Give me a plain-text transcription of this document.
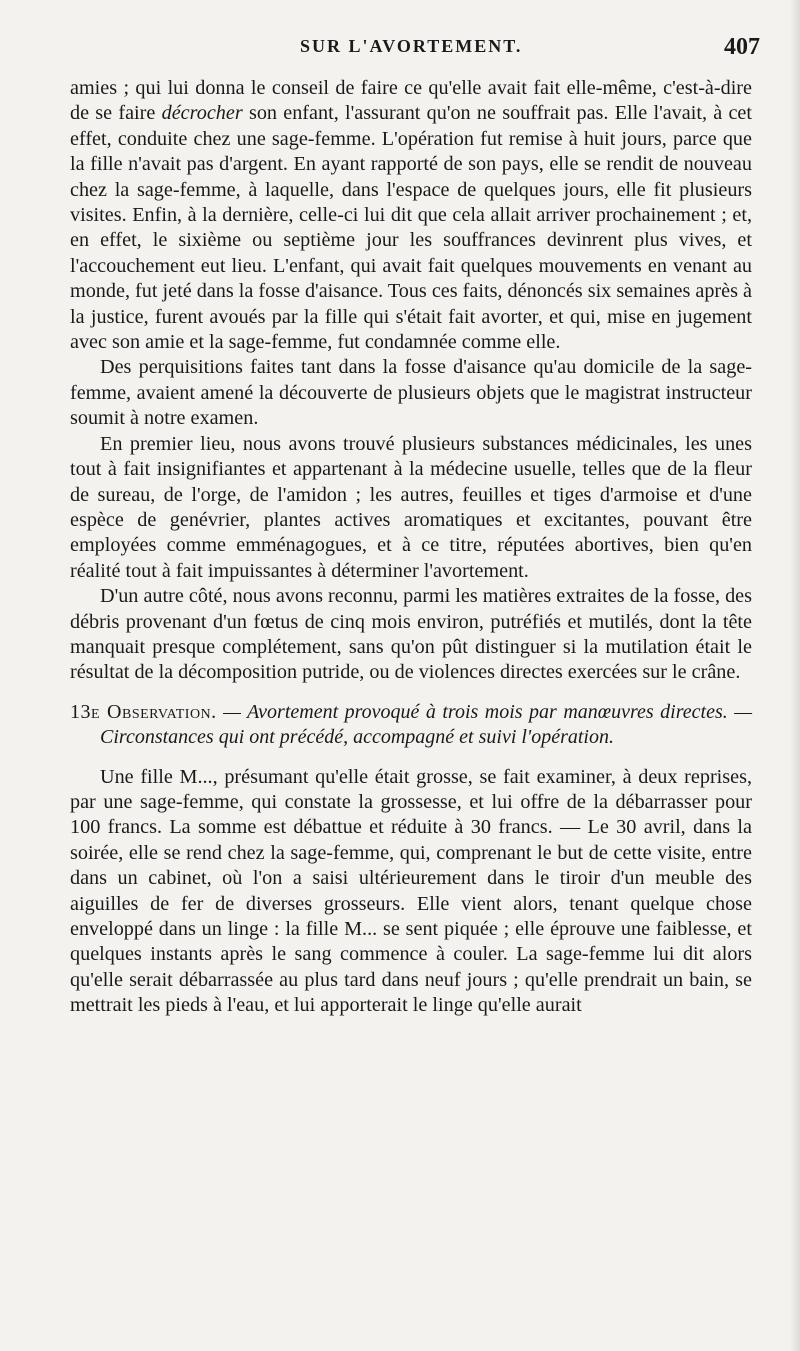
SUR L'AVORTEMENT.	407

amies ; qui lui donna le conseil de faire ce qu'elle avait fait elle-même, c'est-à-dire de se faire décrocher son enfant, l'assurant qu'on ne souffrait pas. Elle l'avait, à cet effet, conduite chez une sage-femme. L'opération fut remise à huit jours, parce que la fille n'avait pas d'argent. En ayant rapporté de son pays, elle se rendit de nouveau chez la sage-femme, à laquelle, dans l'espace de quelques jours, elle fit plusieurs visites. Enfin, à la dernière, celle-ci lui dit que cela allait arriver prochainement ; et, en effet, le sixième ou septième jour les souffrances devinrent plus vives, et l'accouchement eut lieu. L'enfant, qui avait fait quelques mouvements en venant au monde, fut jeté dans la fosse d'aisance. Tous ces faits, dénoncés six semaines après à la justice, furent avoués par la fille qui s'était fait avorter, et qui, mise en jugement avec son amie et la sage-femme, fut condamnée comme elle.

Des perquisitions faites tant dans la fosse d'aisance qu'au domicile de la sage-femme, avaient amené la découverte de plusieurs objets que le magistrat instructeur soumit à notre examen.

En premier lieu, nous avons trouvé plusieurs substances médicinales, les unes tout à fait insignifiantes et appartenant à la médecine usuelle, telles que de la fleur de sureau, de l'orge, de l'amidon ; les autres, feuilles et tiges d'armoise et d'une espèce de genévrier, plantes actives aromatiques et excitantes, pouvant être employées comme emménagogues, et à ce titre, réputées abortives, bien qu'en réalité tout à fait impuissantes à déterminer l'avortement.

D'un autre côté, nous avons reconnu, parmi les matières extraites de la fosse, des débris provenant d'un fœtus de cinq mois environ, putréfiés et mutilés, dont la tête manquait presque complétement, sans qu'on pût distinguer si la mutilation était le résultat de la décomposition putride, ou de violences directes exercées sur le crâne.

13e Observation. — Avortement provoqué à trois mois par manœuvres directes. — Circonstances qui ont précédé, accompagné et suivi l'opération.

Une fille M..., présumant qu'elle était grosse, se fait examiner, à deux reprises, par une sage-femme, qui constate la grossesse, et lui offre de la débarrasser pour 100 francs. La somme est débattue et réduite à 30 francs. — Le 30 avril, dans la soirée, elle se rend chez la sage-femme, qui, comprenant le but de cette visite, entre dans un cabinet, où l'on a saisi ultérieurement dans le tiroir d'un meuble des aiguilles de fer de diverses grosseurs. Elle vient alors, tenant quelque chose enveloppé dans un linge : la fille M... se sent piquée ; elle éprouve une faiblesse, et quelques instants après le sang commence à couler. La sage-femme lui dit alors qu'elle serait débarrassée au plus tard dans neuf jours ; qu'elle prendrait un bain, se mettrait les pieds à l'eau, et lui apporterait le linge qu'elle aurait
